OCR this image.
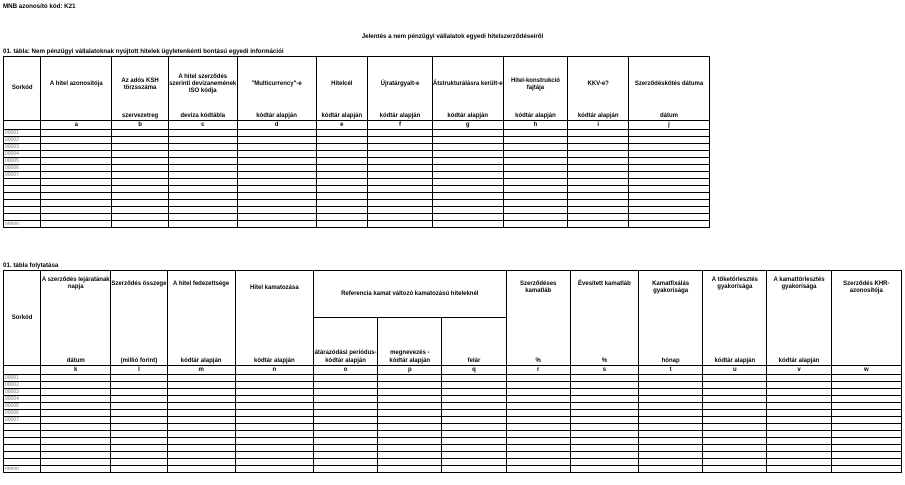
MNB azonosító kód: K21
Jelentés a nem pénzügyi vállalatok egyedi hitelszerződéseiről
01. tábla: Nem pénzügyi vállalatoknak nyújtott hitelek ügyletenkénti bontású egyedi információi
Sorkód	A hitel azonosítója	Az adós KSH törzsszáma	A hitel szerződés szerinti devizanemének ISO kódja	"Multicurrency"-e	Hitelcél	Újratárgyalt-e	Átstrukturálásra került-e	Hitel-konstrukció fajtája	KKV-e?	Szerződéskötés dátuma
		szervezetreg	deviza kódtábla	kódtár alapján	kódtár alapján	kódtár alapján	kódtár alapján	kódtár alapján	kódtár alapján	dátum
	a	b	c	d	e	f	g	h	i	j
00001										
00002										
00003										
00004										
00005										
00006										
00007										

nnnnn										
01. tábla folytatása
Sorkód	A szerződés lejáratának napja	Szerződés összege	A hitel fedezettsége	Hitel kamatozása	Referencia kamat változó kamatozású hiteleknél			Szerződéses kamatláb	Évesített kamatláb	Kamatfixálás gyakorisága	A tőketörlesztés gyakorisága	A kamattörlesztés gyakorisága	Szerződés KHR-azonosítója
					átárazódási periódus-	megnevezés -							
	dátum	(millió forint)	kódtár alapján	kódtár alapján	kódtár alapján	kódtár alapján	felár	%	%	hónap	kódtár alapján	kódtár alapján	
	k	l	m	n	o	p	q	r	s	t	u	v	w
00001													
00002													
00003													
00004													
00005													
00006													
00007													

nnnnn													
